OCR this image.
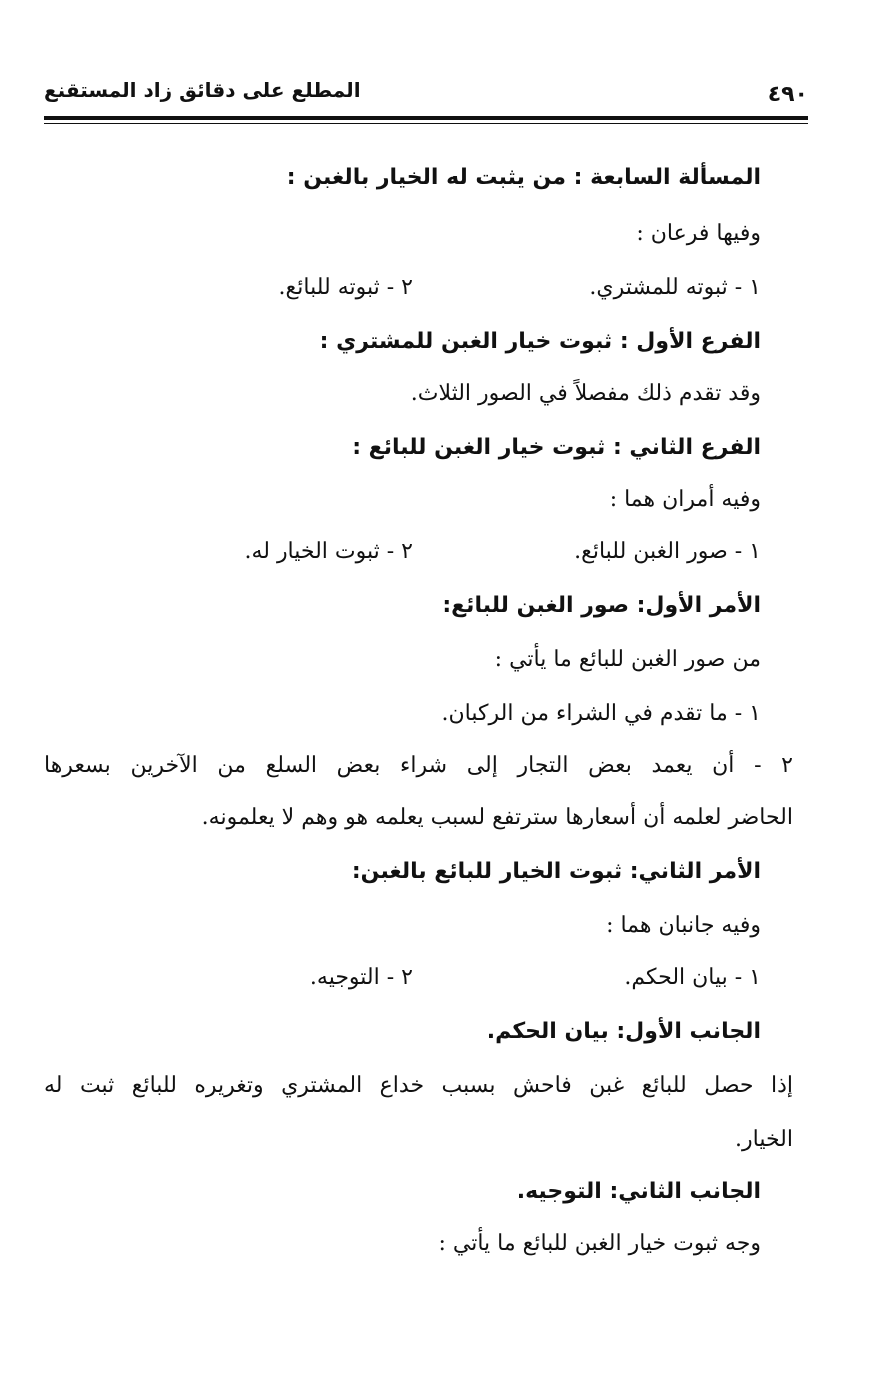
المطلع على دقائق زاد المستقنع	٤٩٠
المسألة السابعة : من يثبت له الخيار بالغبن :
وفيها فرعان :
١ - ثبوته للمشتري.
٢ - ثبوته للبائع.
الفرع الأول : ثبوت خيار الغبن للمشتري :
وقد تقدم ذلك مفصلاً في الصور الثلاث.
الفرع الثاني : ثبوت خيار الغبن للبائع :
وفيه أمران هما :
١ - صور الغبن للبائع.
٢ - ثبوت الخيار له.
الأمر الأول: صور الغبن للبائع:
من صور الغبن للبائع ما يأتي :
١ - ما تقدم في الشراء من الركبان.
٢ - أن يعمد بعض التجار إلى شراء بعض السلع من الآخرين بسعرها
الحاضر لعلمه أن أسعارها سترتفع لسبب يعلمه هو وهم لا يعلمونه.
الأمر الثاني: ثبوت الخيار للبائع بالغبن:
وفيه جانبان هما :
١ - بيان الحكم.
٢ - التوجيه.
الجانب الأول: بيان الحكم.
إذا حصل للبائع غبن فاحش بسبب خداع المشتري وتغريره للبائع ثبت له
الخيار.
الجانب الثاني: التوجيه.
وجه ثبوت خيار الغبن للبائع ما يأتي :
